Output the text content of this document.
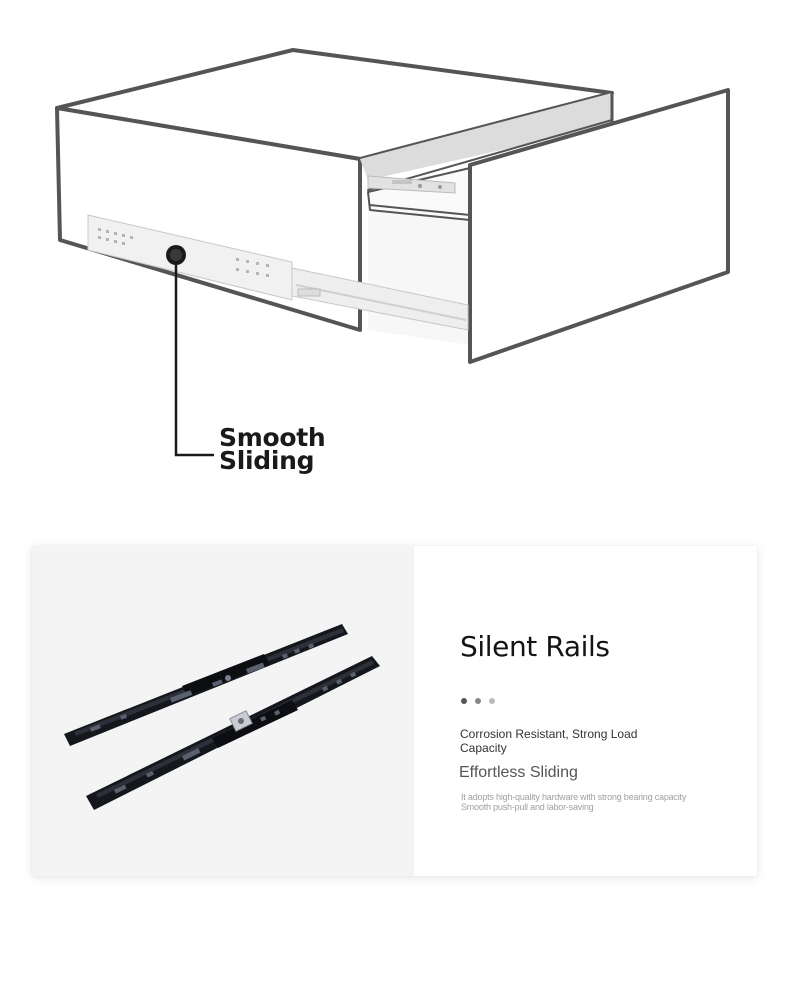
Smooth
Sliding
Silent Rails
Corrosion Resistant, Strong Load Capacity
Effortless Sliding
It adopts high-quality hardware with strong bearing capacity
Smooth push-pull and labor-saving
